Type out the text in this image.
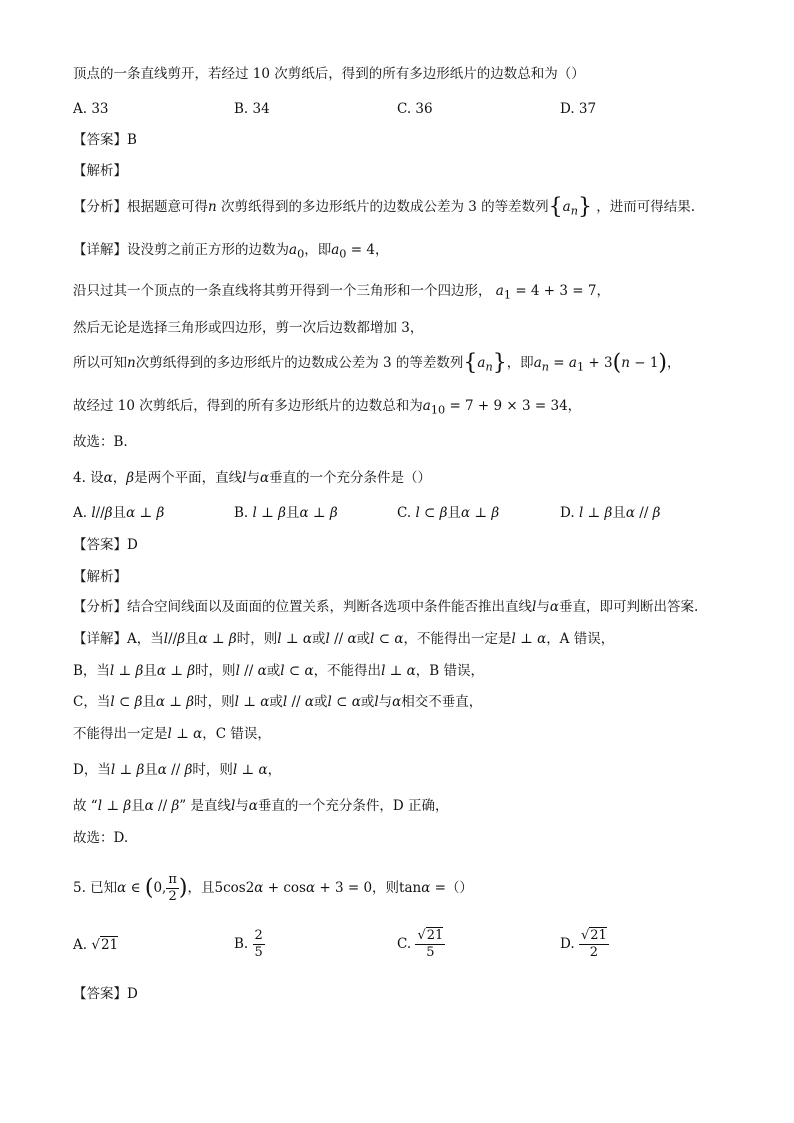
顶点的一条直线剪开，若经过 10 次剪纸后，得到的所有多边形纸片的边数总和为（）
A. 33	B. 34	C. 36	D. 37
【答案】B
【解析】
【分析】根据题意可得n 次剪纸得到的多边形纸片的边数成公差为 3 的等差数列$\{a_n\}$ ，进而可得结果.
【详解】设没剪之前正方形的边数为$a_0$，即$a_0 = 4$，
沿只过其一个顶点的一条直线将其剪开得到一个三角形和一个四边形， $a_1 = 4 + 3 = 7$，
然后无论是选择三角形或四边形，剪一次后边数都增加 3，
所以可知n次剪纸得到的多边形纸片的边数成公差为 3 的等差数列$\{a_n\}$，即$a_n = a_1 + 3(n - 1)$，
故经过 10 次剪纸后，得到的所有多边形纸片的边数总和为$a_{10} = 7 + 9 \times 3 = 34$，
故选：B.
4. 设α，β是两个平面，直线l与α垂直的一个充分条件是（）
A. l//β且α ⊥ β	B. l ⊥ β且α ⊥ β	C. l ⊂ β且α ⊥ β	D. l ⊥ β且α // β
【答案】D
【解析】
【分析】结合空间线面以及面面的位置关系，判断各选项中条件能否推出直线l与α垂直，即可判断出答案.
【详解】A，当l//β且α ⊥ β时，则l ⊥ α或l // α或l ⊂ α，不能得出一定是l ⊥ α，A 错误，
B，当l ⊥ β且α ⊥ β时，则l // α或l ⊂ α，不能得出l ⊥ α，B 错误，
C，当l ⊂ β且α ⊥ β时，则l ⊥ α或l // α或l ⊂ α或l与α相交不垂直，
不能得出一定是l ⊥ α，C 错误，
D，当l ⊥ β且α // β时，则l ⊥ α，
故 “l ⊥ β且α // β” 是直线l与α垂直的一个充分条件，D 正确，
故选：D.
5. 已知α ∈ (0, $\frac{\pi}{2}$ )，且5cos2α + cosα + 3 = 0，则tanα =（）
A. √21	B. $\frac{2}{5}$	C. $\frac{√21}{5}$	D. $\frac{√21}{2}$
【答案】D
